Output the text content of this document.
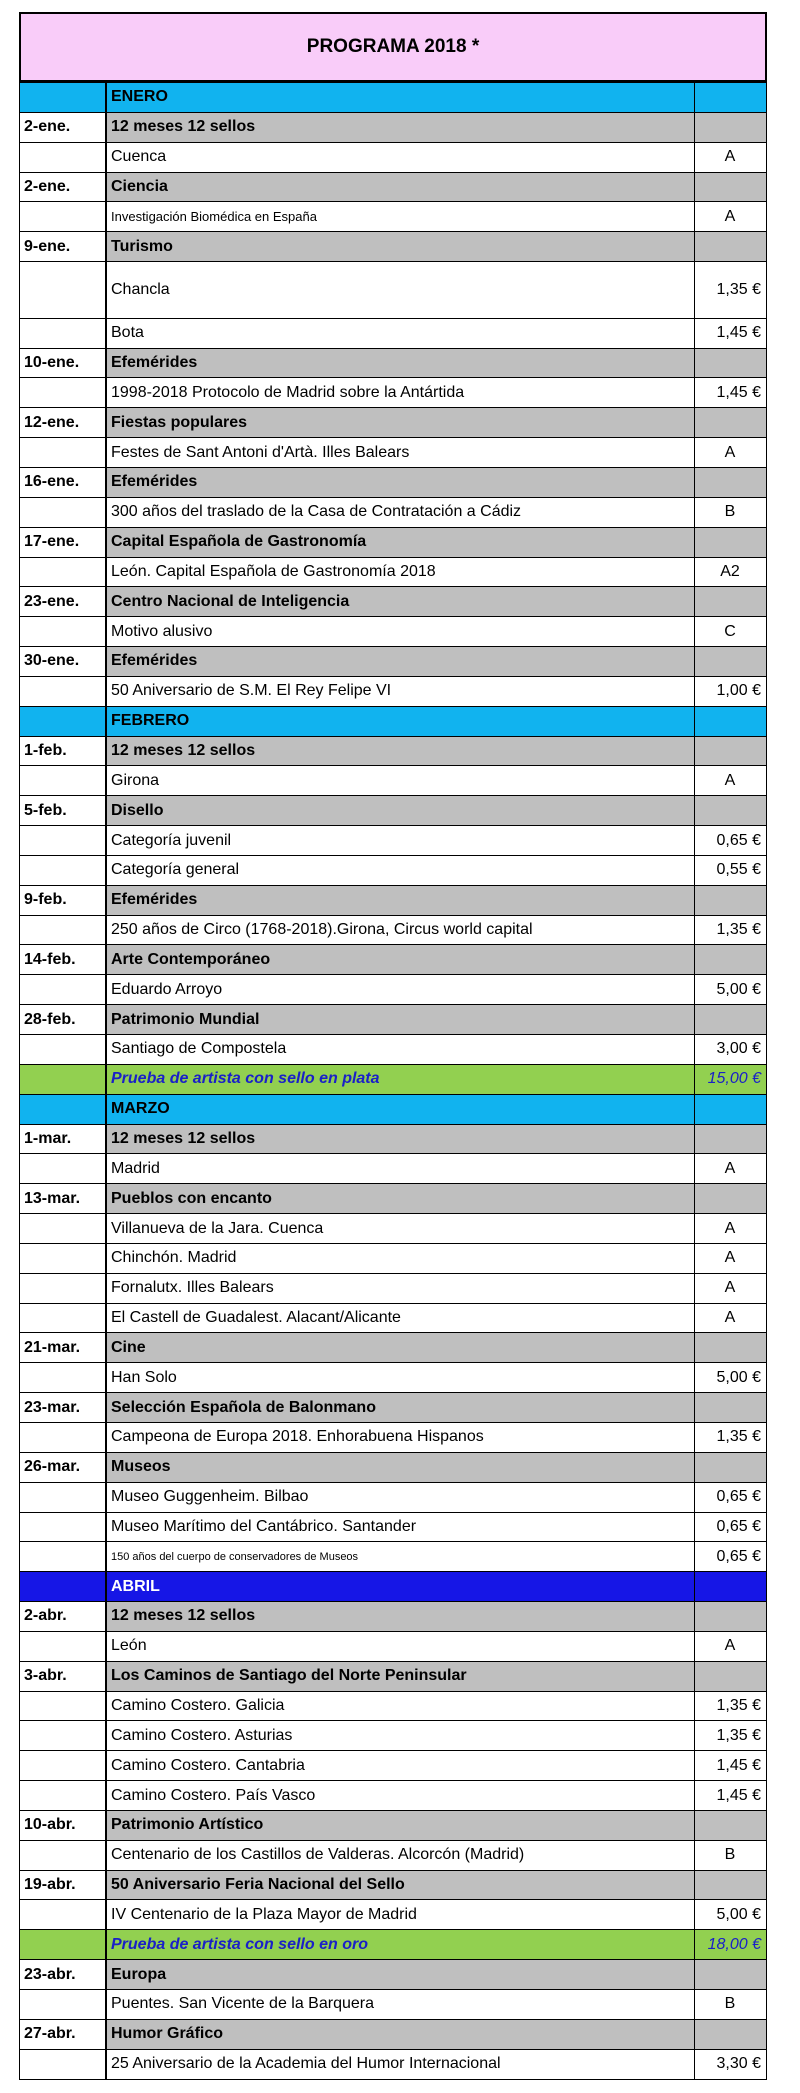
PROGRAMA 2018 *
	ENERO	
2-ene.	12 meses 12 sellos	
	Cuenca	A
2-ene.	Ciencia	
	Investigación Biomédica en España	A
9-ene.	Turismo	
	Chancla	1,35 €
	Bota	1,45 €
10-ene.	Efemérides	
	1998-2018 Protocolo de Madrid sobre la Antártida	1,45 €
12-ene.	Fiestas populares	
	Festes de Sant Antoni d'Artà. Illes Balears	A
16-ene.	Efemérides	
	300 años del traslado de la Casa de Contratación a Cádiz	B
17-ene.	Capital Española de Gastronomía	
	León. Capital Española de Gastronomía 2018	A2
23-ene.	Centro Nacional de Inteligencia	
	Motivo alusivo	C
30-ene.	Efemérides	
	50 Aniversario de S.M. El Rey Felipe VI	1,00 €
	FEBRERO	
1-feb.	12 meses 12 sellos	
	Girona	A
5-feb.	Disello	
	Categoría juvenil	0,65 €
	Categoría general	0,55 €
9-feb.	Efemérides	
	250 años de Circo (1768-2018).Girona, Circus world capital	1,35 €
14-feb.	Arte Contemporáneo	
	Eduardo Arroyo	5,00 €
28-feb.	Patrimonio Mundial	
	Santiago de Compostela	3,00 €
	Prueba de artista con sello en plata	15,00 €
	MARZO	
1-mar.	12 meses 12 sellos	
	Madrid	A
13-mar.	Pueblos con encanto	
	Villanueva de la Jara. Cuenca	A
	Chinchón. Madrid	A
	Fornalutx. Illes Balears	A
	El Castell de Guadalest. Alacant/Alicante	A
21-mar.	Cine	
	Han Solo	5,00 €
23-mar.	Selección Española de Balonmano	
	Campeona de Europa 2018. Enhorabuena Hispanos	1,35 €
26-mar.	Museos	
	Museo Guggenheim. Bilbao	0,65 €
	Museo Marítimo del Cantábrico. Santander	0,65 €
	150 años del cuerpo de conservadores de Museos	0,65 €
	ABRIL	
2-abr.	12 meses 12 sellos	
	León	A
3-abr.	Los Caminos de Santiago del Norte Peninsular	
	Camino Costero. Galicia	1,35 €
	Camino Costero. Asturias	1,35 €
	Camino Costero. Cantabria	1,45 €
	Camino Costero. País Vasco	1,45 €
10-abr.	Patrimonio Artístico	
	Centenario de los Castillos de Valderas. Alcorcón (Madrid)	B
19-abr.	50 Aniversario Feria Nacional del Sello	
	IV Centenario de la Plaza Mayor de Madrid	5,00 €
	Prueba de artista con sello en oro	18,00 €
23-abr.	Europa	
	Puentes. San Vicente de la Barquera	B
27-abr.	Humor Gráfico	
	25 Aniversario de la Academia del Humor Internacional	3,30 €
